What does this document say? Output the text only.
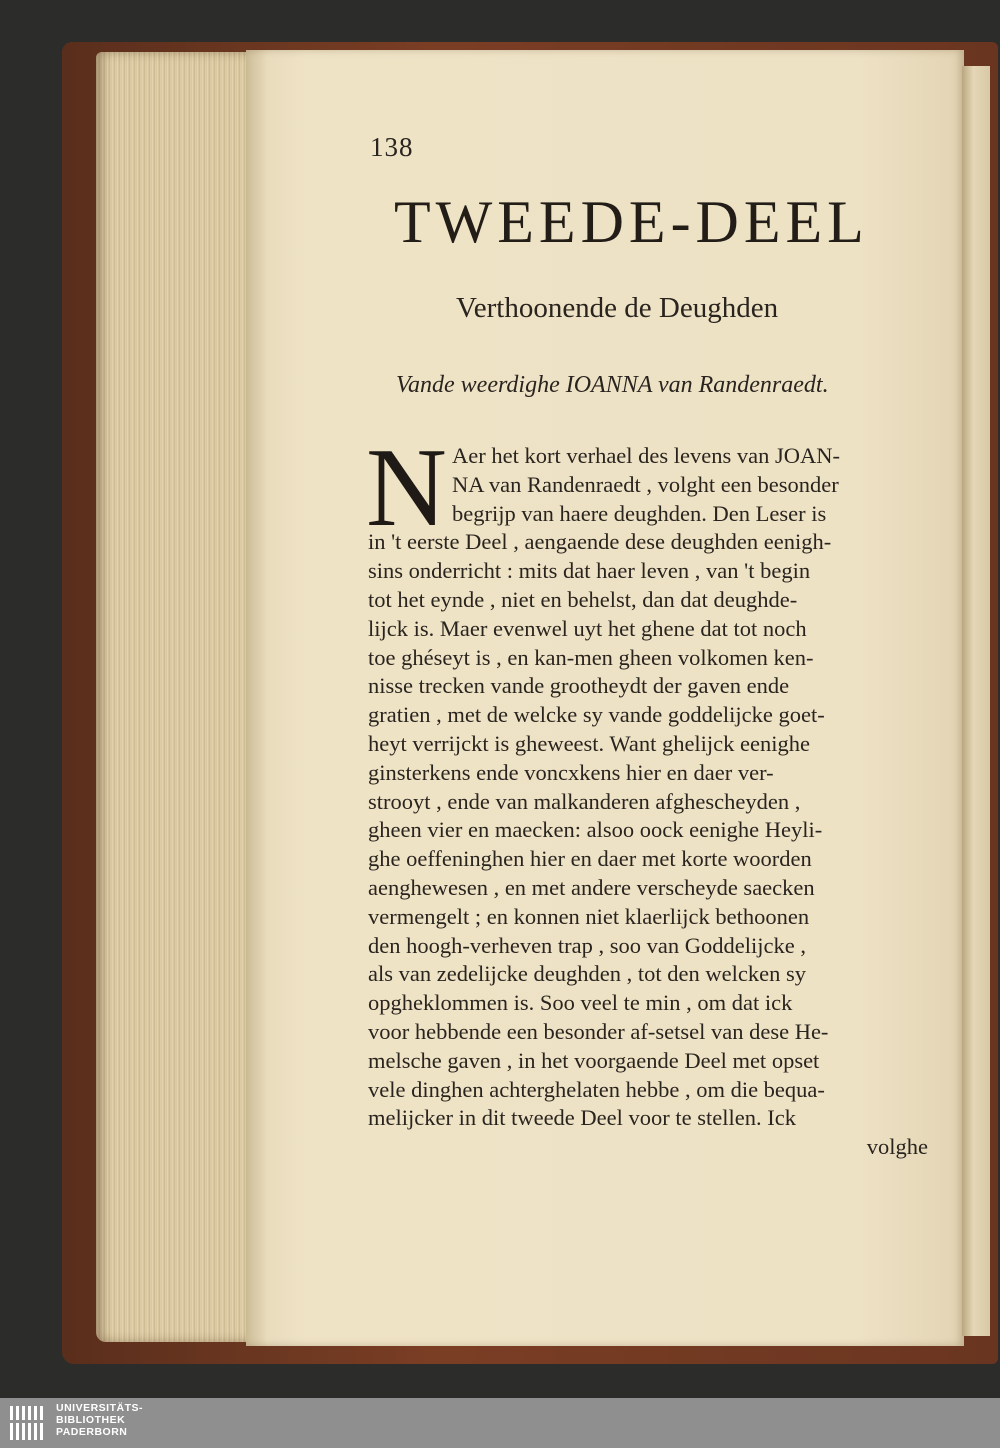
138
TWEEDE-DEEL
Verthoonende de Deughden
Vande weerdighe IOANNA van Randenraedt.
N Aer het kort verhael des levens van JOAN-
NA van Randenraedt , volght een besonder
begrijp van haere deughden. Den Leser is
in 't eerste Deel , aengaende dese deughden eenigh-
sins onderricht : mits dat haer leven , van 't begin
tot het eynde , niet en behelst, dan dat deughde-
lijck is. Maer evenwel uyt het ghene dat tot noch
toe ghéseyt is , en kan-men gheen volkomen ken-
nisse trecken vande grootheydt der gaven ende
gratien , met de welcke sy vande goddelijcke goet-
heyt verrijckt is gheweest. Want ghelijck eenighe
ginsterkens ende voncxkens hier en daer ver-
strooyt , ende van malkanderen afghescheyden ,
gheen vier en maecken: alsoo oock eenighe Heyli-
ghe oeffeninghen hier en daer met korte woorden
aenghewesen , en met andere verscheyde saecken
vermengelt ; en konnen niet klaerlijck bethoonen
den hoogh-verheven trap , soo van Goddelijcke ,
als van zedelijcke deughden , tot den welcken sy
opgheklommen is. Soo veel te min , om dat ick
voor hebbende een besonder af-setsel van dese He-
melsche gaven , in het voorgaende Deel met opset
vele dinghen achterghelaten hebbe , om die bequa-
melijcker in dit tweede Deel voor te stellen. Ick
volghe
UNIVERSITÄTS-
BIBLIOTHEK
PADERBORN
